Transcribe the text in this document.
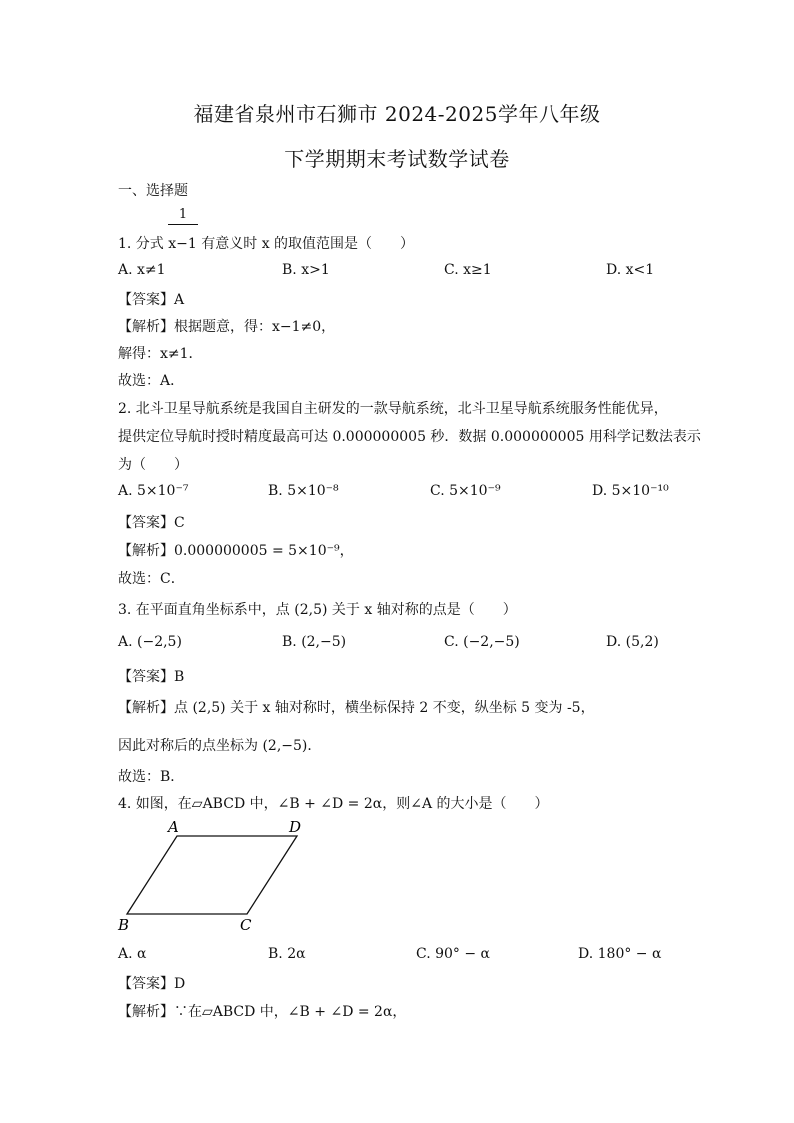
福建省泉州市石狮市 2024-2025学年八年级
下学期期末考试数学试卷
一、选择题
1
1. 分式 x−1 有意义时 x 的取值范围是（　　）
A. x≠1	B. x>1	C. x≥1	D. x<1
【答案】A
【解析】根据题意，得：x−1≠0，
解得：x≠1．
故选：A．
2. 北斗卫星导航系统是我国自主研发的一款导航系统，北斗卫星导航系统服务性能优异，
提供定位导航时授时精度最高可达 0.000000005 秒．数据 0.000000005 用科学记数法表示
为（　　）
A. 5×10⁻⁷	B. 5×10⁻⁸	C. 5×10⁻⁹	D. 5×10⁻¹⁰
【答案】C
【解析】0.000000005 = 5×10⁻⁹，
故选：C．
3. 在平面直角坐标系中，点 (2,5) 关于 x 轴对称的点是（　　）
A. (−2,5)	B. (2,−5)	C. (−2,−5)	D. (5,2)
【答案】B
【解析】点 (2,5) 关于 x 轴对称时，横坐标保持 2 不变，纵坐标 5 变为 -5，
因此对称后的点坐标为 (2,−5)．
故选：B．
4. 如图，在▱ABCD 中，∠B + ∠D = 2α，则∠A 的大小是（　　）
A	D
B	C
A. α	B. 2α	C. 90° − α	D. 180° − α
【答案】D
【解析】∵在▱ABCD 中，∠B + ∠D = 2α，
